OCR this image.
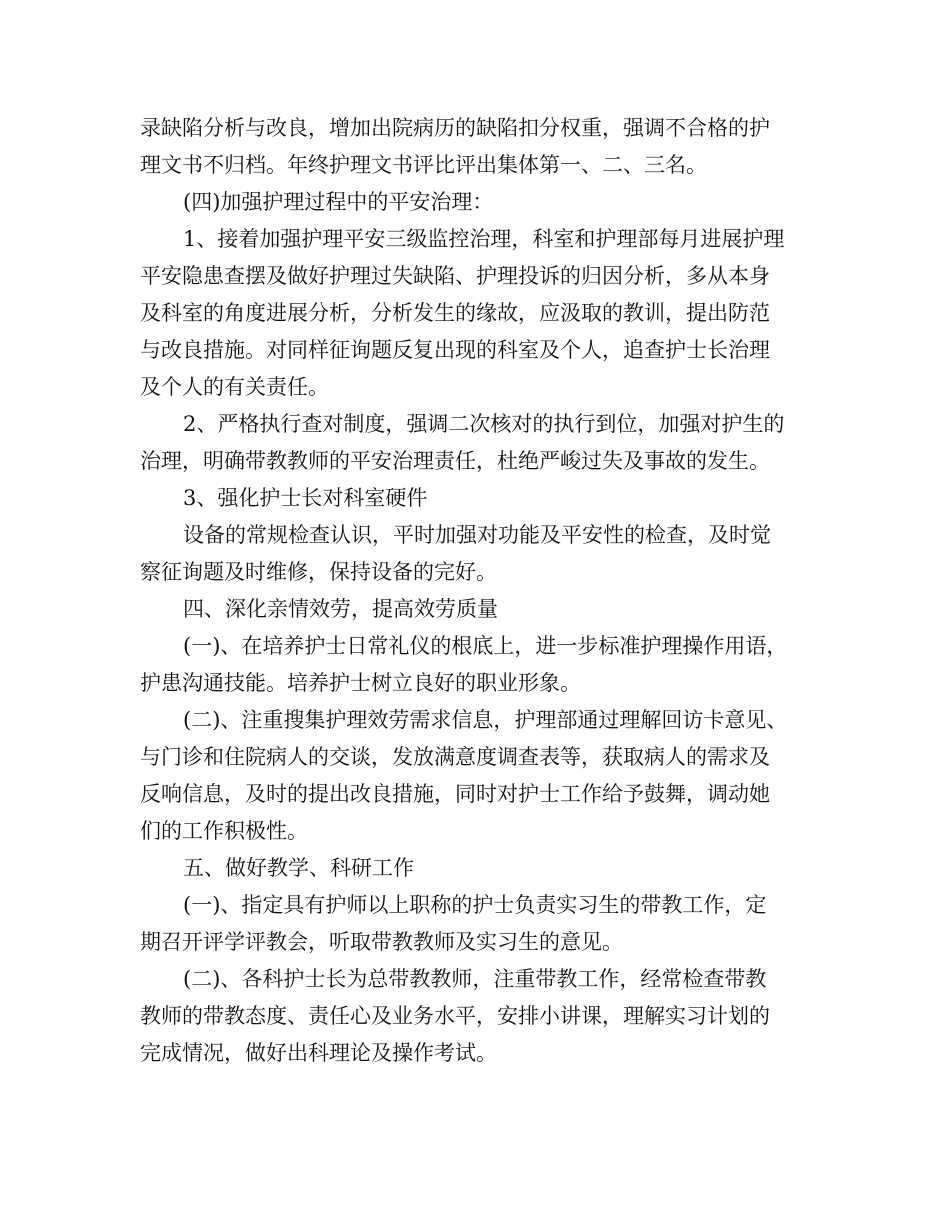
录缺陷分析与改良，增加出院病历的缺陷扣分权重，强调不合格的护
理文书不归档。年终护理文书评比评出集体第一、二、三名。
(四)加强护理过程中的平安治理：
1、接着加强护理平安三级监控治理，科室和护理部每月进展护理
平安隐患查摆及做好护理过失缺陷、护理投诉的归因分析，多从本身
及科室的角度进展分析，分析发生的缘故，应汲取的教训，提出防范
与改良措施。对同样征询题反复出现的科室及个人，追查护士长治理
及个人的有关责任。
2、严格执行查对制度，强调二次核对的执行到位，加强对护生的
治理，明确带教教师的平安治理责任，杜绝严峻过失及事故的发生。
3、强化护士长对科室硬件
设备的常规检查认识，平时加强对功能及平安性的检查，及时觉
察征询题及时维修，保持设备的完好。
四、深化亲情效劳，提高效劳质量
(一)、在培养护士日常礼仪的根底上，进一步标准护理操作用语，
护患沟通技能。培养护士树立良好的职业形象。
(二)、注重搜集护理效劳需求信息，护理部通过理解回访卡意见、
与门诊和住院病人的交谈，发放满意度调查表等，获取病人的需求及
反响信息，及时的提出改良措施，同时对护士工作给予鼓舞，调动她
们的工作积极性。
五、做好教学、科研工作
(一)、指定具有护师以上职称的护士负责实习生的带教工作，定
期召开评学评教会，听取带教教师及实习生的意见。
(二)、各科护士长为总带教教师，注重带教工作，经常检查带教
教师的带教态度、责任心及业务水平，安排小讲课，理解实习计划的
完成情况，做好出科理论及操作考试。
